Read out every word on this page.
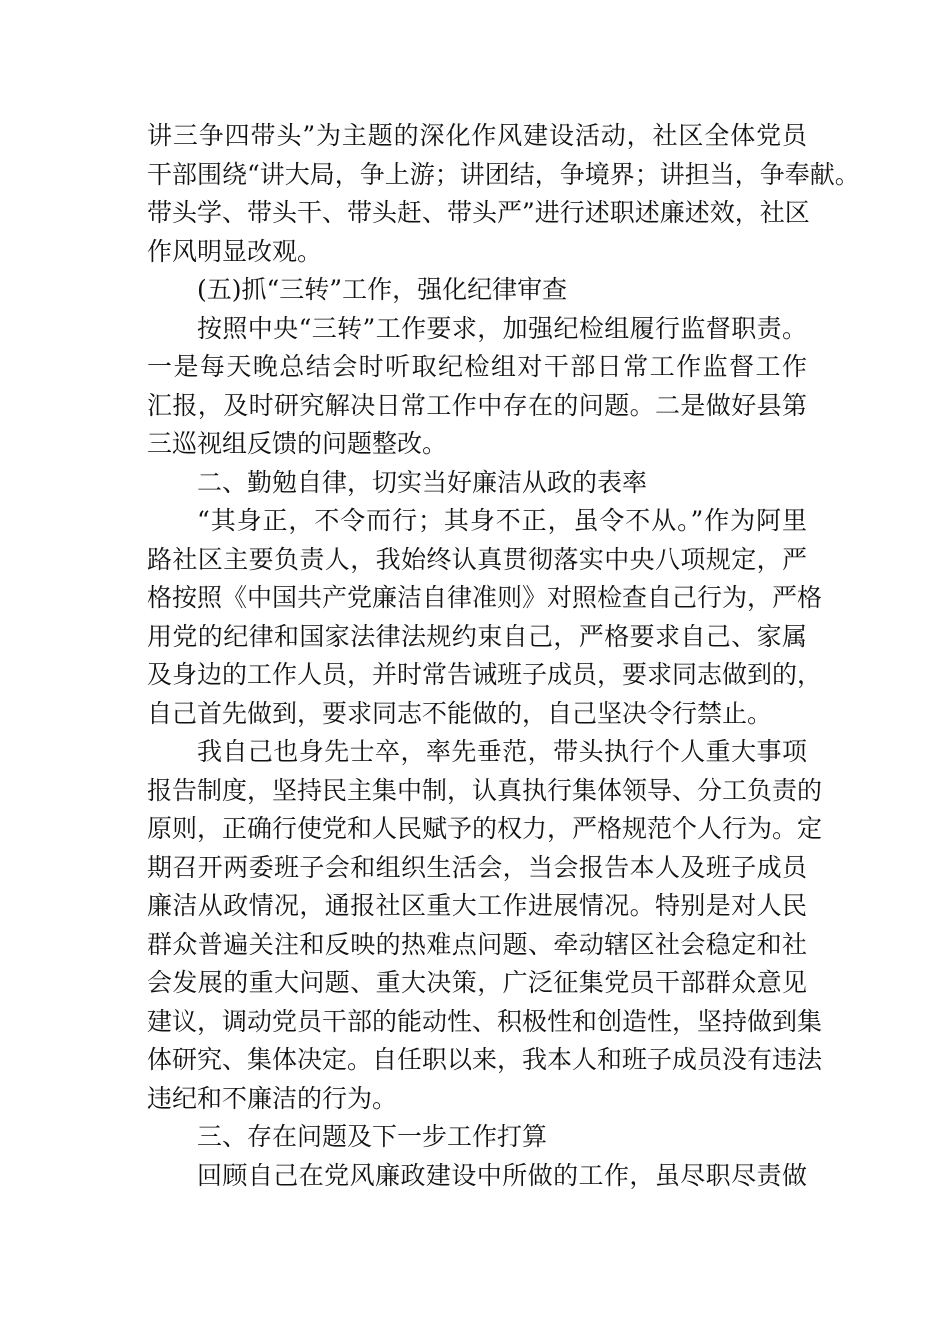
讲三争四带头”为主题的深化作风建设活动，社区全体党员
干部围绕“讲大局，争上游；讲团结，争境界；讲担当，争奉献。
带头学、带头干、带头赶、带头严”进行述职述廉述效，社区
作风明显改观。
(五)抓“三转”工作，强化纪律审查
按照中央“三转”工作要求，加强纪检组履行监督职责。
一是每天晚总结会时听取纪检组对干部日常工作监督工作
汇报，及时研究解决日常工作中存在的问题。二是做好县第
三巡视组反馈的问题整改。
二、勤勉自律，切实当好廉洁从政的表率
“其身正，不令而行；其身不正，虽令不从。”作为阿里
路社区主要负责人，我始终认真贯彻落实中央八项规定，严
格按照《中国共产党廉洁自律准则》对照检查自己行为，严格
用党的纪律和国家法律法规约束自己，严格要求自己、家属
及身边的工作人员，并时常告诫班子成员，要求同志做到的，
自己首先做到，要求同志不能做的，自己坚决令行禁止。
我自己也身先士卒，率先垂范，带头执行个人重大事项
报告制度，坚持民主集中制，认真执行集体领导、分工负责的
原则，正确行使党和人民赋予的权力，严格规范个人行为。定
期召开两委班子会和组织生活会，当会报告本人及班子成员
廉洁从政情况，通报社区重大工作进展情况。特别是对人民
群众普遍关注和反映的热难点问题、牵动辖区社会稳定和社
会发展的重大问题、重大决策，广泛征集党员干部群众意见
建议，调动党员干部的能动性、积极性和创造性，坚持做到集
体研究、集体决定。自任职以来，我本人和班子成员没有违法
违纪和不廉洁的行为。
三、存在问题及下一步工作打算
回顾自己在党风廉政建设中所做的工作，虽尽职尽责做
